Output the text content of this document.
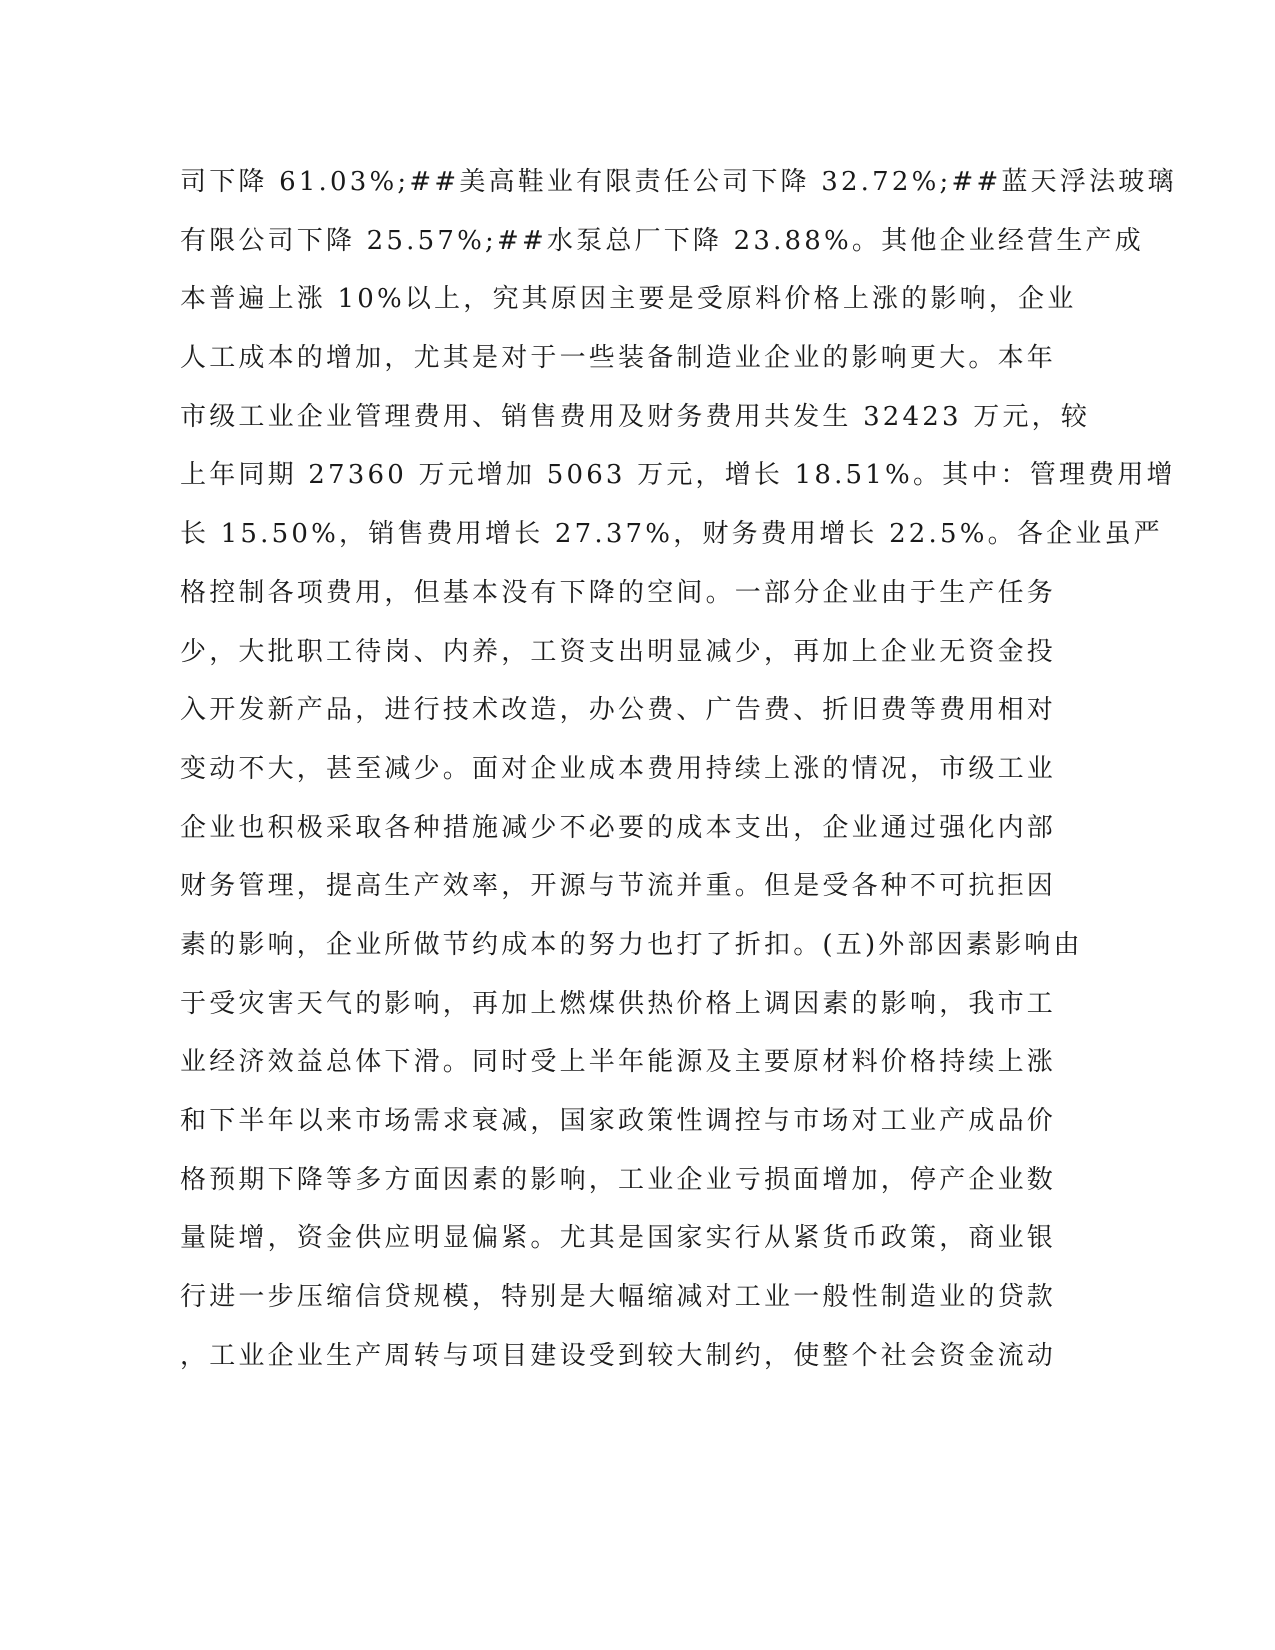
司下降 61.03%;##美高鞋业有限责任公司下降 32.72%;##蓝天浮法玻璃
有限公司下降 25.57%;##水泵总厂下降 23.88%。其他企业经营生产成
本普遍上涨 10%以上，究其原因主要是受原料价格上涨的影响，企业
人工成本的增加，尤其是对于一些装备制造业企业的影响更大。本年
市级工业企业管理费用、销售费用及财务费用共发生 32423 万元，较
上年同期 27360 万元增加 5063 万元，增长 18.51%。其中：管理费用增
长 15.50%，销售费用增长 27.37%，财务费用增长 22.5%。各企业虽严
格控制各项费用，但基本没有下降的空间。一部分企业由于生产任务
少，大批职工待岗、内养，工资支出明显减少，再加上企业无资金投
入开发新产品，进行技术改造，办公费、广告费、折旧费等费用相对
变动不大，甚至减少。面对企业成本费用持续上涨的情况，市级工业
企业也积极采取各种措施减少不必要的成本支出，企业通过强化内部
财务管理，提高生产效率，开源与节流并重。但是受各种不可抗拒因
素的影响，企业所做节约成本的努力也打了折扣。(五)外部因素影响由
于受灾害天气的影响，再加上燃煤供热价格上调因素的影响，我市工
业经济效益总体下滑。同时受上半年能源及主要原材料价格持续上涨
和下半年以来市场需求衰减，国家政策性调控与市场对工业产成品价
格预期下降等多方面因素的影响，工业企业亏损面增加，停产企业数
量陡增，资金供应明显偏紧。尤其是国家实行从紧货币政策，商业银
行进一步压缩信贷规模，特别是大幅缩减对工业一般性制造业的贷款
，工业企业生产周转与项目建设受到较大制约，使整个社会资金流动
